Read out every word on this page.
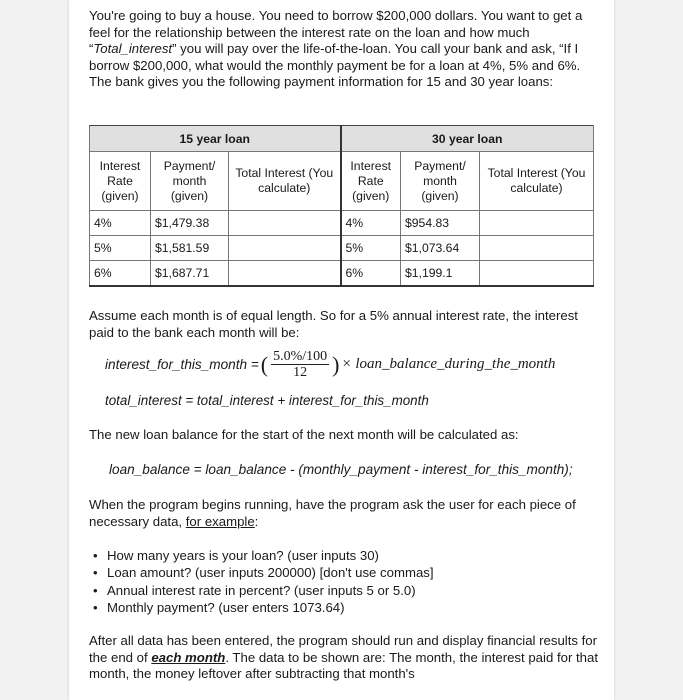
You're going to buy a house. You need to borrow $200,000 dollars. You want to get a feel for the relationship between the interest rate on the loan and how much “Total_interest” you will pay over the life-of-the-loan. You call your bank and ask, “If I borrow $200,000, what would the monthly payment be for a loan at 4%, 5% and 6%. The bank gives you the following payment information for 15 and 30 year loans:

15 year loan			30 year loan		
Interest Rate (given)	Payment/ month (given)	Total Interest (You calculate)	Interest Rate (given)	Payment/ month (given)	Total Interest (You calculate)
4%	$1,479.38		4%	$954.83	
5%	$1,581.59		5%	$1,073.64	
6%	$1,687.71		6%	$1,199.1	

Assume each month is of equal length. So for a 5% annual interest rate, the interest paid to the bank each month will be:

interest_for_this_month = ( $\frac{5.0\%/100}{12}$ ) × loan_balance_during_the_month
total_interest = total_interest + interest_for_this_month

The new loan balance for the start of the next month will be calculated as:

loan_balance = loan_balance - (monthly_payment - interest_for_this_month);

When the program begins running, have the program ask the user for each piece of necessary data, for example:

• How many years is your loan? (user inputs 30)
• Loan amount? (user inputs 200000) [don't use commas]
• Annual interest rate in percent? (user inputs 5 or 5.0)
• Monthly payment? (user enters 1073.64)

After all data has been entered, the program should run and display financial results for the end of each month. The data to be shown are: The month, the interest paid for that month, the money leftover after subtracting that month's
